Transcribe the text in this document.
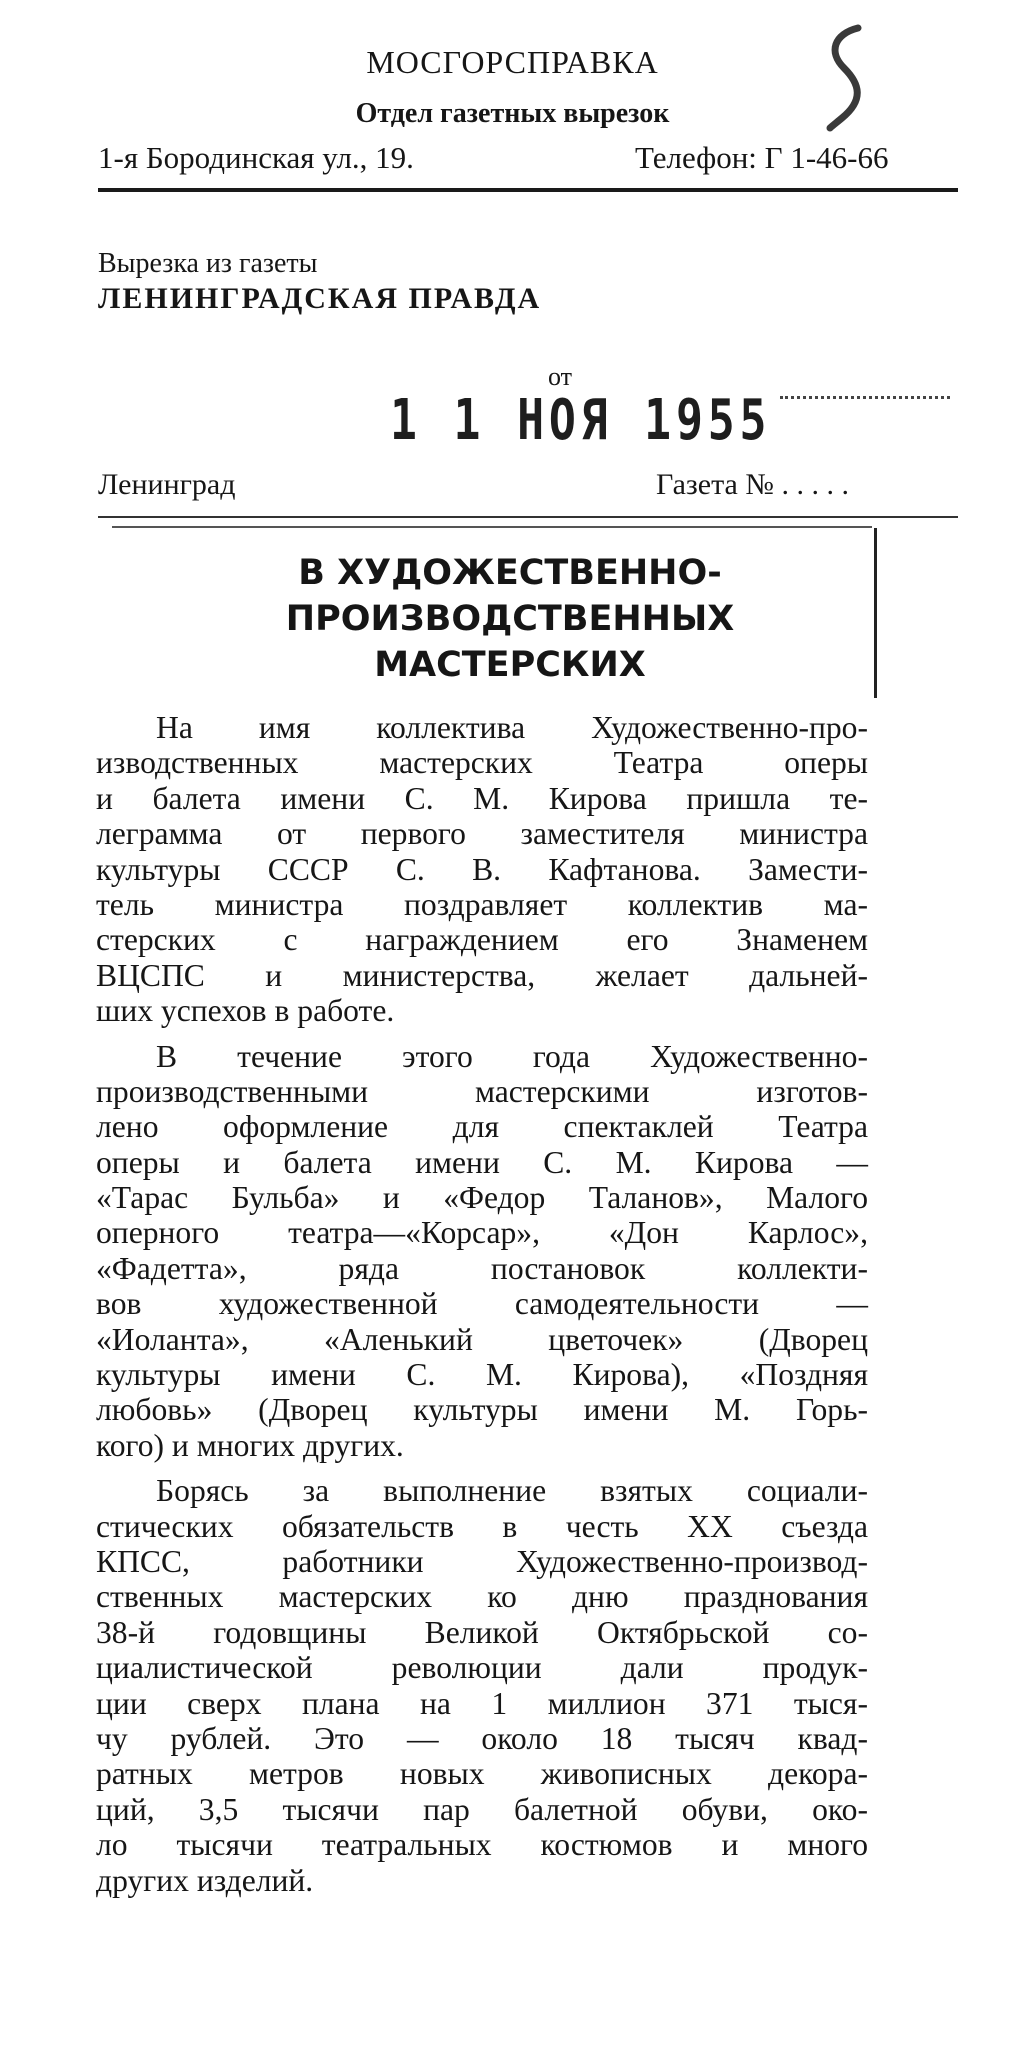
МОСГОРСПРАВКА

Отдел газетных вырезок

1-я Бородинская ул., 19.	Телефон: Г 1-46-66

Вырезка из газеты

ЛЕНИНГРАДСКАЯ ПРАВДА

от

1 1 НОЯ 1955

Ленинград	Газета № . . . . .

В ХУДОЖЕСТВЕННО-
ПРОИЗВОДСТВЕННЫХ
МАСТЕРСКИХ

На имя коллектива Художественно-про-
изводственных мастерских Театра оперы
и балета имени С. М. Кирова пришла те-
леграмма от первого заместителя министра
культуры СССР С. В. Кафтанова. Замести-
тель министра поздравляет коллектив ма-
стерских с награждением его Знаменем
ВЦСПС и министерства, желает дальней-
ших успехов в работе.

В течение этого года Художественно-
производственными мастерскими изготов-
лено оформление для спектаклей Театра
оперы и балета имени С. М. Кирова —
«Тарас Бульба» и «Федор Таланов», Малого
оперного театра—«Корсар», «Дон Карлос»,
«Фадетта», ряда постановок коллекти-
вов художественной самодеятельности —
«Иоланта», «Аленький цветочек» (Дворец
культуры имени С. М. Кирова), «Поздняя
любовь» (Дворец культуры имени М. Горь-
кого) и многих других.

Борясь за выполнение взятых социали-
стических обязательств в честь XX съезда
КПСС, работники Художественно-производ-
ственных мастерских ко дню празднования
38-й годовщины Великой Октябрьской со-
циалистической революции дали продук-
ции сверх плана на 1 миллион 371 тыся-
чу рублей. Это — около 18 тысяч квад-
ратных метров новых живописных декора-
ций, 3,5 тысячи пар балетной обуви, око-
ло тысячи театральных костюмов и много
других изделий.
